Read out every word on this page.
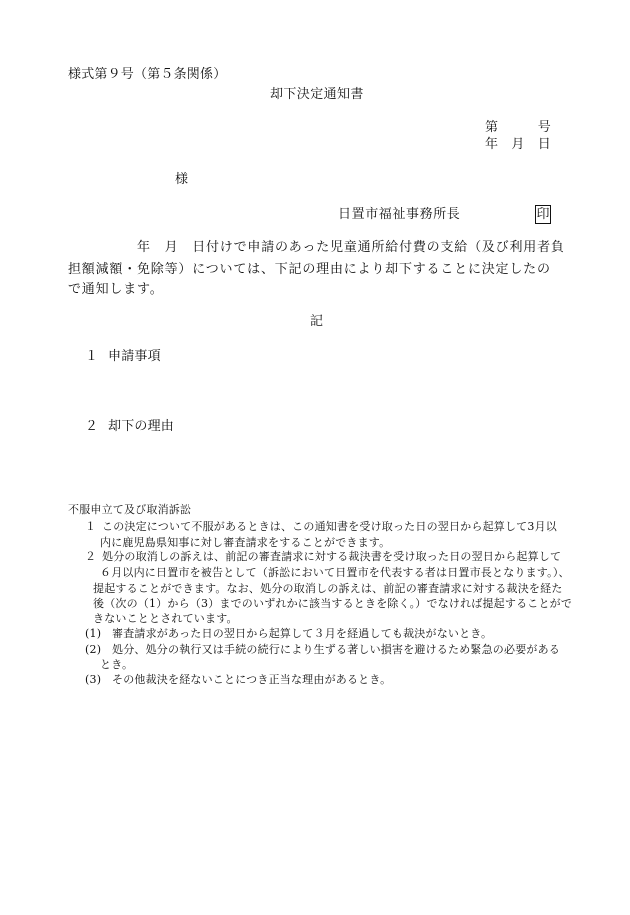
様式第９号（第５条関係）
却下決定通知書
第　　　号
年　月　日
様
日置市福祉事務所長	印
年　月　日付けで申請のあった児童通所給付費の支給（及び利用者負
担額減額・免除等）については、下記の理由により却下することに決定したの
で通知します。
記
１ 申請事項
２ 却下の理由
不服申立て及び取消訴訟
１ この決定について不服があるときは、この通知書を受け取った日の翌日から起算して3月以
内に鹿児島県知事に対し審査請求をすることができます。
２ 処分の取消しの訴えは、前記の審査請求に対する裁決書を受け取った日の翌日から起算して
６月以内に日置市を被告として（訴訟において日置市を代表する者は日置市長となります。）、
提起することができます。なお、処分の取消しの訴えは、前記の審査請求に対する裁決を経た
後（次の（1）から（3）までのいずれかに該当するときを除く。）でなければ提起することがで
きないこととされています。
(1) 審査請求があった日の翌日から起算して３月を経過しても裁決がないとき。
(2) 処分、処分の執行又は手続の続行により生ずる著しい損害を避けるため緊急の必要がある
とき。
(3) その他裁決を経ないことにつき正当な理由があるとき。
